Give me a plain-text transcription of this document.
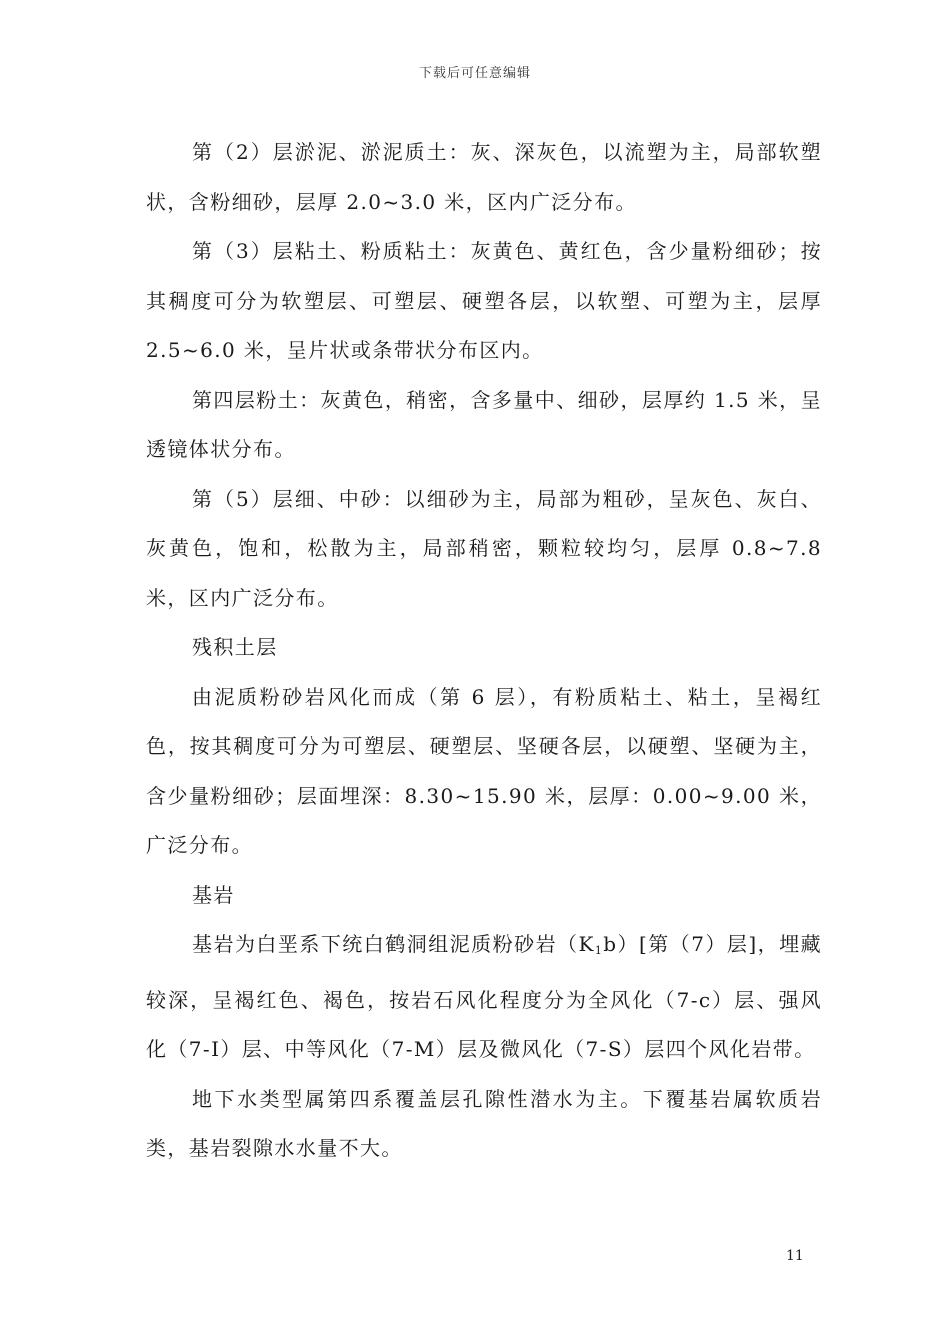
下载后可任意编辑

第（2）层淤泥、淤泥质土：灰、深灰色，以流塑为主，局部软塑状，含粉细砂，层厚 2.0~3.0 米，区内广泛分布。

第（3）层粘土、粉质粘土：灰黄色、黄红色，含少量粉细砂；按其稠度可分为软塑层、可塑层、硬塑各层，以软塑、可塑为主，层厚 2.5~6.0 米，呈片状或条带状分布区内。

第四层粉土：灰黄色，稍密，含多量中、细砂，层厚约 1.5 米，呈透镜体状分布。

第（5）层细、中砂：以细砂为主，局部为粗砂，呈灰色、灰白、灰黄色，饱和，松散为主，局部稍密，颗粒较均匀，层厚 0.8~7.8 米，区内广泛分布。

残积土层

由泥质粉砂岩风化而成（第 6 层），有粉质粘土、粘土，呈褐红色，按其稠度可分为可塑层、硬塑层、坚硬各层，以硬塑、坚硬为主，含少量粉细砂；层面埋深：8.30~15.90 米，层厚：0.00~9.00 米，广泛分布。

基岩

基岩为白垩系下统白鹤洞组泥质粉砂岩$(K_1b)$[第（7）层]，埋藏较深，呈褐红色、褐色，按岩石风化程度分为全风化（7-c）层、强风化（7-I）层、中等风化（7-M）层及微风化（7-S）层四个风化岩带。

地下水类型属第四系覆盖层孔隙性潜水为主。下覆基岩属软质岩类，基岩裂隙水水量不大。

11
